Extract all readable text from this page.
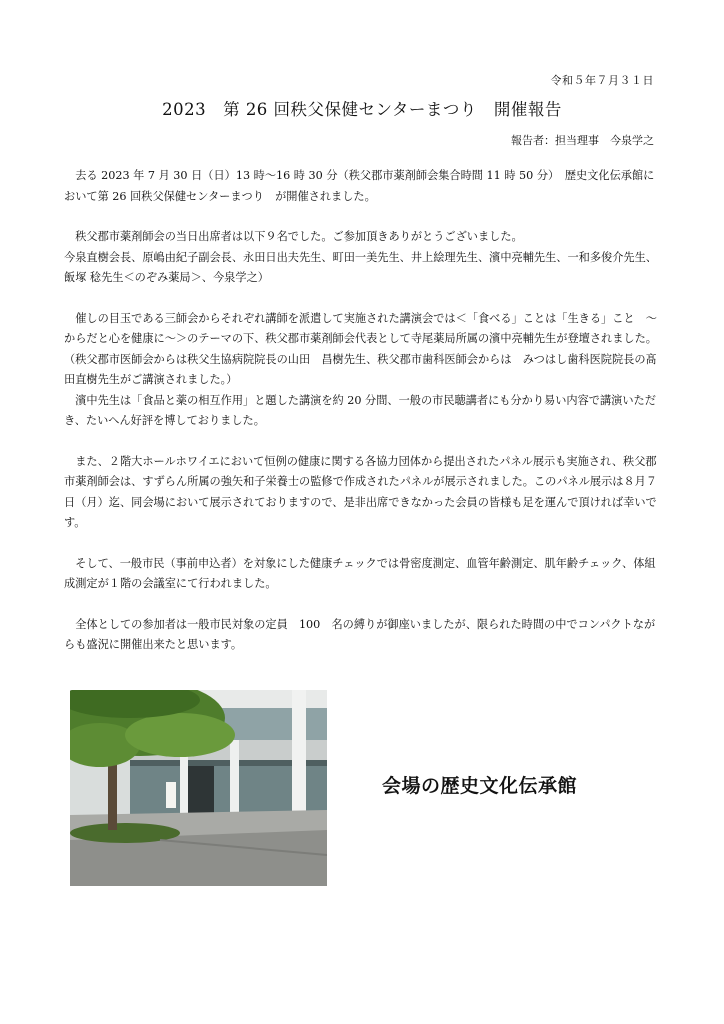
令和５年７月３１日
2023　第 26 回秩父保健センターまつり　開催報告
報告者：担当理事　今泉学之

去る 2023 年 7 月 30 日（日）13 時～16 時 30 分（秩父郡市薬剤師会集合時間 11 時 50 分）　歴史文化伝承館において第 26 回秩父保健センターまつり　が開催されました。

秩父郡市薬剤師会の当日出席者は以下９名でした。ご参加頂きありがとうございました。

今泉直樹会長、原嶋由紀子副会長、永田日出夫先生、町田一美先生、井上絵理先生、濱中亮輔先生、一和多俊介先生、飯塚 稔先生＜のぞみ薬局＞、今泉学之）

催しの目玉である三師会からそれぞれ講師を派遣して実施された講演会では＜「食べる」ことは「生きる」こと　～からだと心を健康に～＞のテーマの下、秩父郡市薬剤師会代表として寺尾薬局所属の濱中亮輔先生が登壇されました。（秩父郡市医師会からは秩父生協病院院長の山田　昌樹先生、秩父郡市歯科医師会からは　みつはし歯科医院院長の髙田直樹先生がご講演されました。）

濱中先生は「食品と薬の相互作用」と題した講演を約 20 分間、一般の市民聴講者にも分かり易い内容で講演いただき、たいへん好評を博しておりました。

また、２階大ホールホワイエにおいて恒例の健康に関する各協力団体から提出されたパネル展示も実施され、秩父郡市薬剤師会は、すずらん所属の強矢和子栄養士の監修で作成されたパネルが展示されました。このパネル展示は８月７日（月）迄、同会場において展示されておりますので、是非出席できなかった会員の皆様も足を運んで頂ければ幸いです。

そして、一般市民（事前申込者）を対象にした健康チェックでは骨密度測定、血管年齢測定、肌年齢チェック、体組成測定が１階の会議室にて行われました。

全体としての参加者は一般市民対象の定員　100　名の縛りが御座いましたが、限られた時間の中でコンパクトながらも盛況に開催出来たと思います。

会場の歴史文化伝承館
